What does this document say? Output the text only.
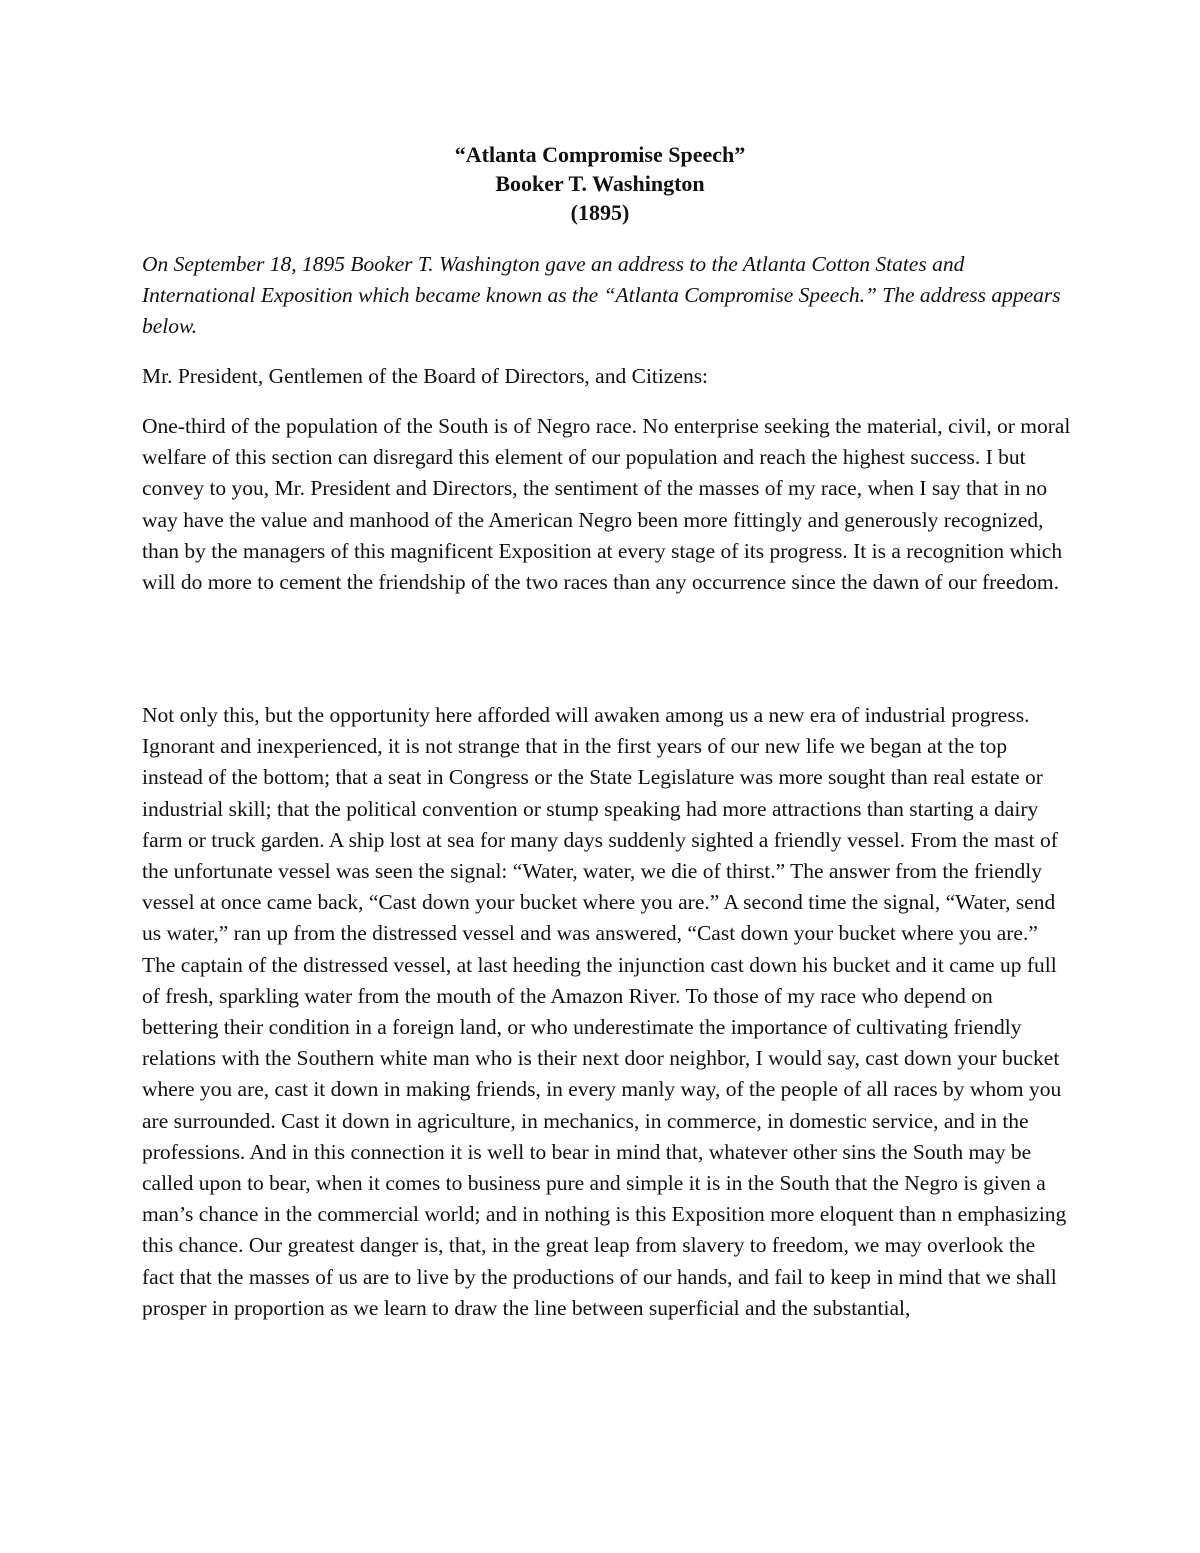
“Atlanta Compromise Speech”
Booker T. Washington
(1895)

On September 18, 1895 Booker T. Washington gave an address to the Atlanta Cotton States and International Exposition which became known as the “Atlanta Compromise Speech.” The address appears below.

Mr. President, Gentlemen of the Board of Directors, and Citizens:

One-third of the population of the South is of Negro race. No enterprise seeking the material, civil, or moral welfare of this section can disregard this element of our population and reach the highest success. I but convey to you, Mr. President and Directors, the sentiment of the masses of my race, when I say that in no way have the value and manhood of the American Negro been more fittingly and generously recognized, than by the managers of this magnificent Exposition at every stage of its progress. It is a recognition which will do more to cement the friendship of the two races than any occurrence since the dawn of our freedom.

Not only this, but the opportunity here afforded will awaken among us a new era of industrial progress. Ignorant and inexperienced, it is not strange that in the first years of our new life we began at the top instead of the bottom; that a seat in Congress or the State Legislature was more sought than real estate or industrial skill; that the political convention or stump speaking had more attractions than starting a dairy farm or truck garden. A ship lost at sea for many days suddenly sighted a friendly vessel. From the mast of the unfortunate vessel was seen the signal: “Water, water, we die of thirst.” The answer from the friendly vessel at once came back, “Cast down your bucket where you are.” A second time the signal, “Water, send us water,” ran up from the distressed vessel and was answered, “Cast down your bucket where you are.” The captain of the distressed vessel, at last heeding the injunction cast down his bucket and it came up full of fresh, sparkling water from the mouth of the Amazon River. To those of my race who depend on bettering their condition in a foreign land, or who underestimate the importance of cultivating friendly relations with the Southern white man who is their next door neighbor, I would say, cast down your bucket where you are, cast it down in making friends, in every manly way, of the people of all races by whom you are surrounded. Cast it down in agriculture, in mechanics, in commerce, in domestic service, and in the professions. And in this connection it is well to bear in mind that, whatever other sins the South may be called upon to bear, when it comes to business pure and simple it is in the South that the Negro is given a man’s chance in the commercial world; and in nothing is this Exposition more eloquent than n emphasizing this chance. Our greatest danger is, that, in the great leap from slavery to freedom, we may overlook the fact that the masses of us are to live by the productions of our hands, and fail to keep in mind that we shall prosper in proportion as we learn to draw the line between superficial and the substantial,
